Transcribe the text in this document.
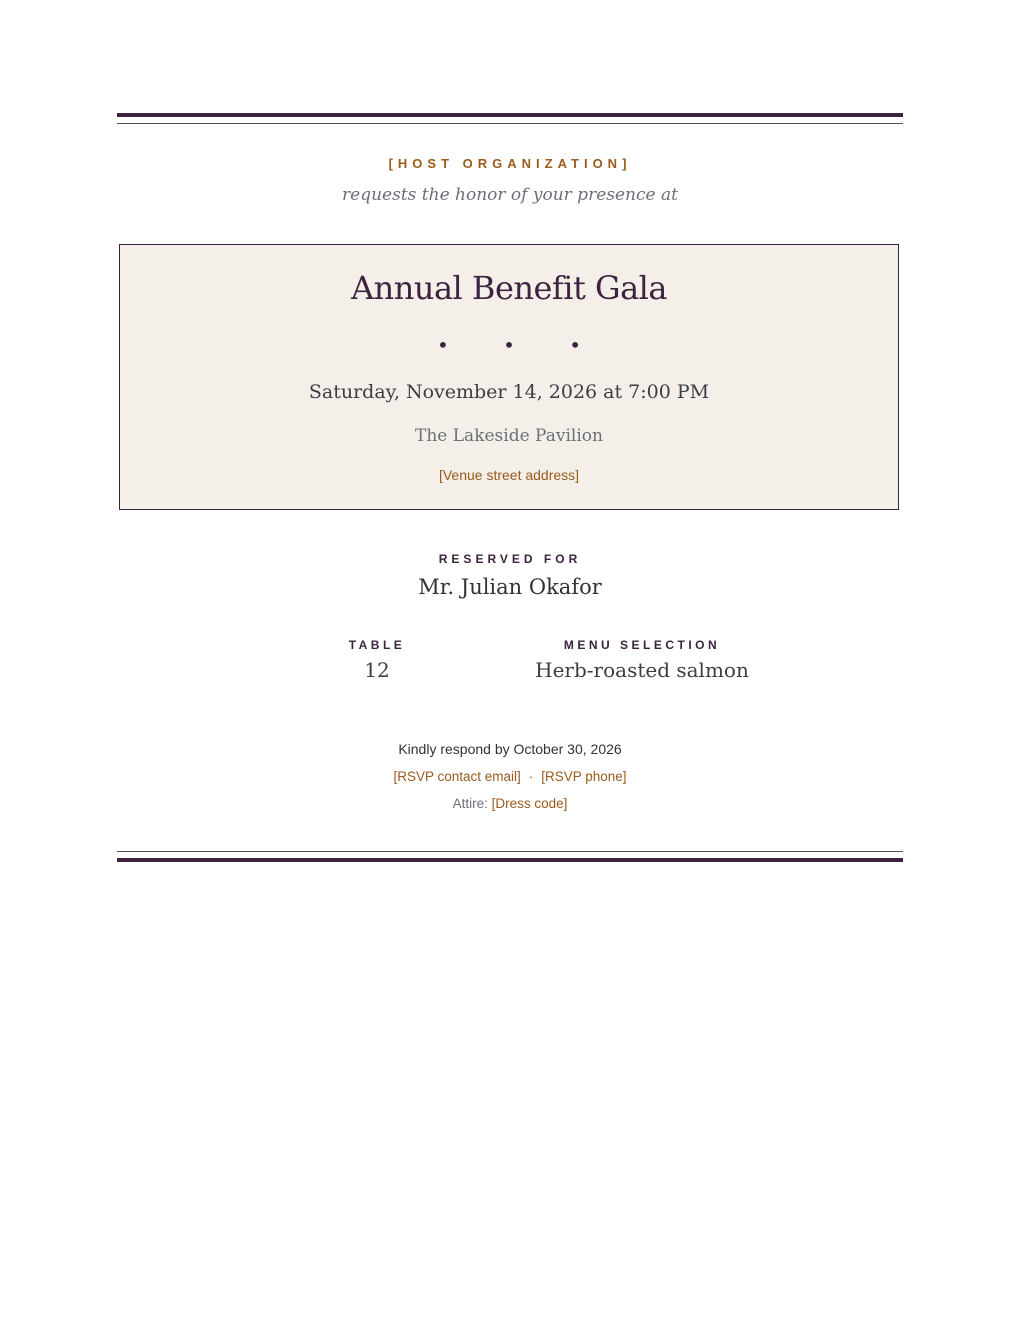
[HOST ORGANIZATION]
requests the honor of your presence at
Annual Benefit Gala
• • •
Saturday, November 14, 2026 at 7:00 PM
The Lakeside Pavilion
[Venue street address]
RESERVED FOR
Mr. Julian Okafor
TABLE
12
MENU SELECTION
Herb-roasted salmon
Kindly respond by October 30, 2026
[RSVP contact email] · [RSVP phone]
Attire: [Dress code]
